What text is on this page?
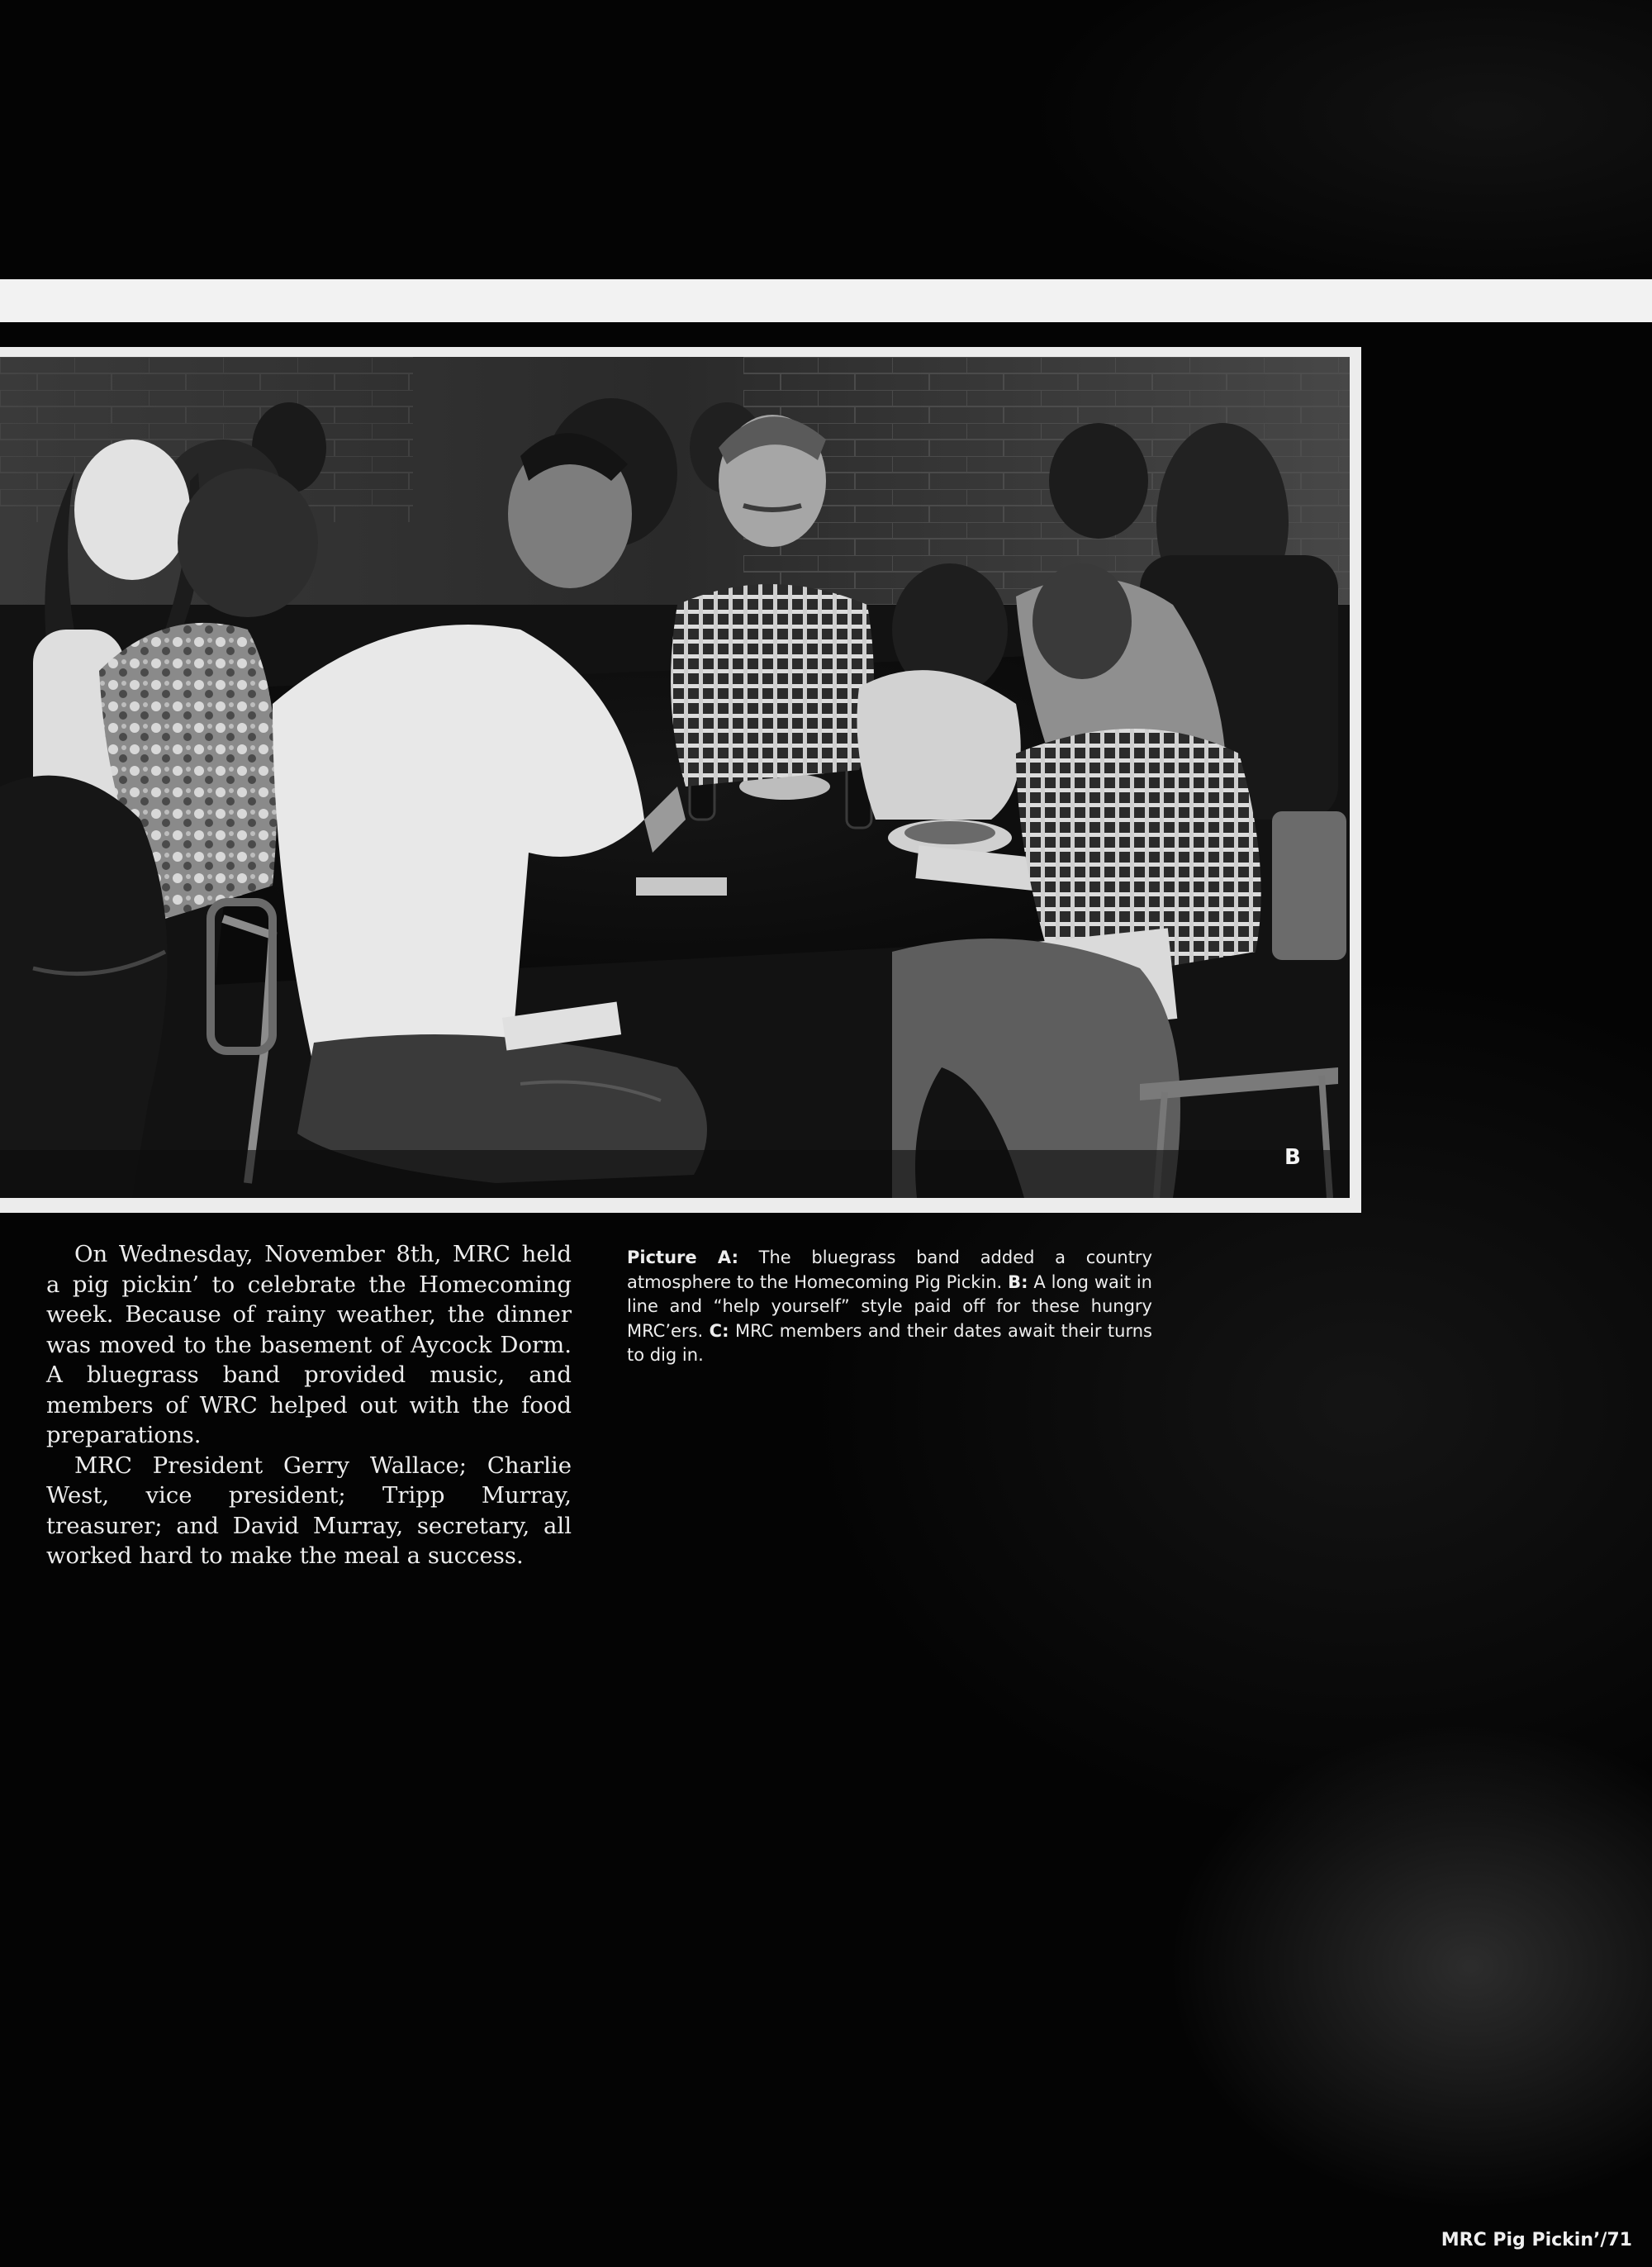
B

On Wednesday, November 8th, MRC held a pig pickin’ to celebrate the Homecoming week. Because of rainy weather, the dinner was moved to the basement of Aycock Dorm. A bluegrass band provided music, and members of WRC helped out with the food preparations.

MRC President Gerry Wallace; Charlie West, vice president; Tripp Murray, treasurer; and David Murray, secretary, all worked hard to make the meal a success.

Picture A: The bluegrass band added a country atmosphere to the Homecoming Pig Pickin. B: A long wait in line and “help yourself” style paid off for these hungry MRC’ers. C: MRC members and their dates await their turns to dig in.
MRC Pig Pickin’/71
